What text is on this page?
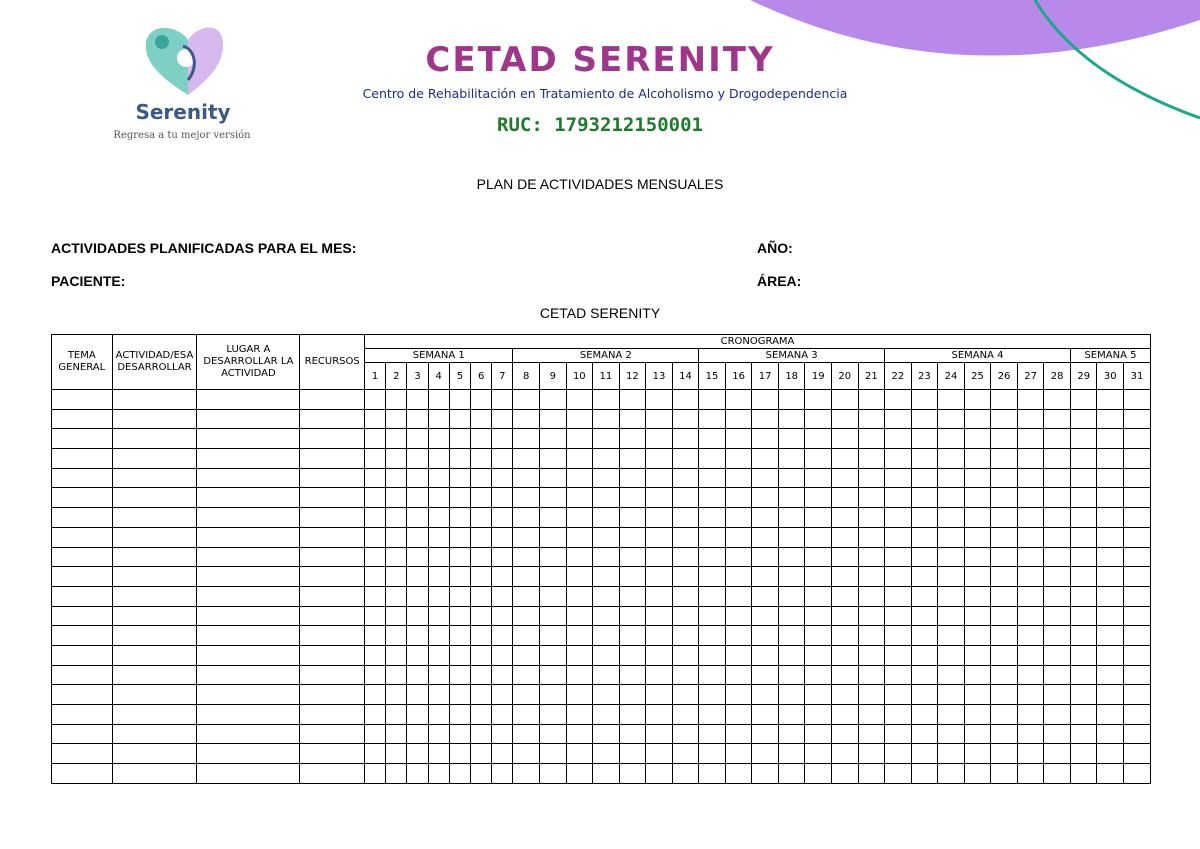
Serenity
Regresa a tu mejor versión
CETAD SERENITY
Centro de Rehabilitación en Tratamiento de Alcoholismo y Drogodependencia
RUC: 1793212150001
PLAN DE ACTIVIDADES MENSUALES
ACTIVIDADES PLANIFICADAS PARA EL MES:	AÑO:
PACIENTE:	ÁREA:
CETAD SERENITY
TEMA GENERAL	ACTIVIDAD/ESA DESARROLLAR	LUGAR A DESARROLLAR LA ACTIVIDAD	RECURSOS	CRONOGRAMA																														
				SEMANA 1							SEMANA 2							SEMANA 3							SEMANA 4							SEMANA 5		
				1	2	3	4	5	6	7	8	9	10	11	12	13	14	15	16	17	18	19	20	21	22	23	24	25	26	27	28	29	30	31
